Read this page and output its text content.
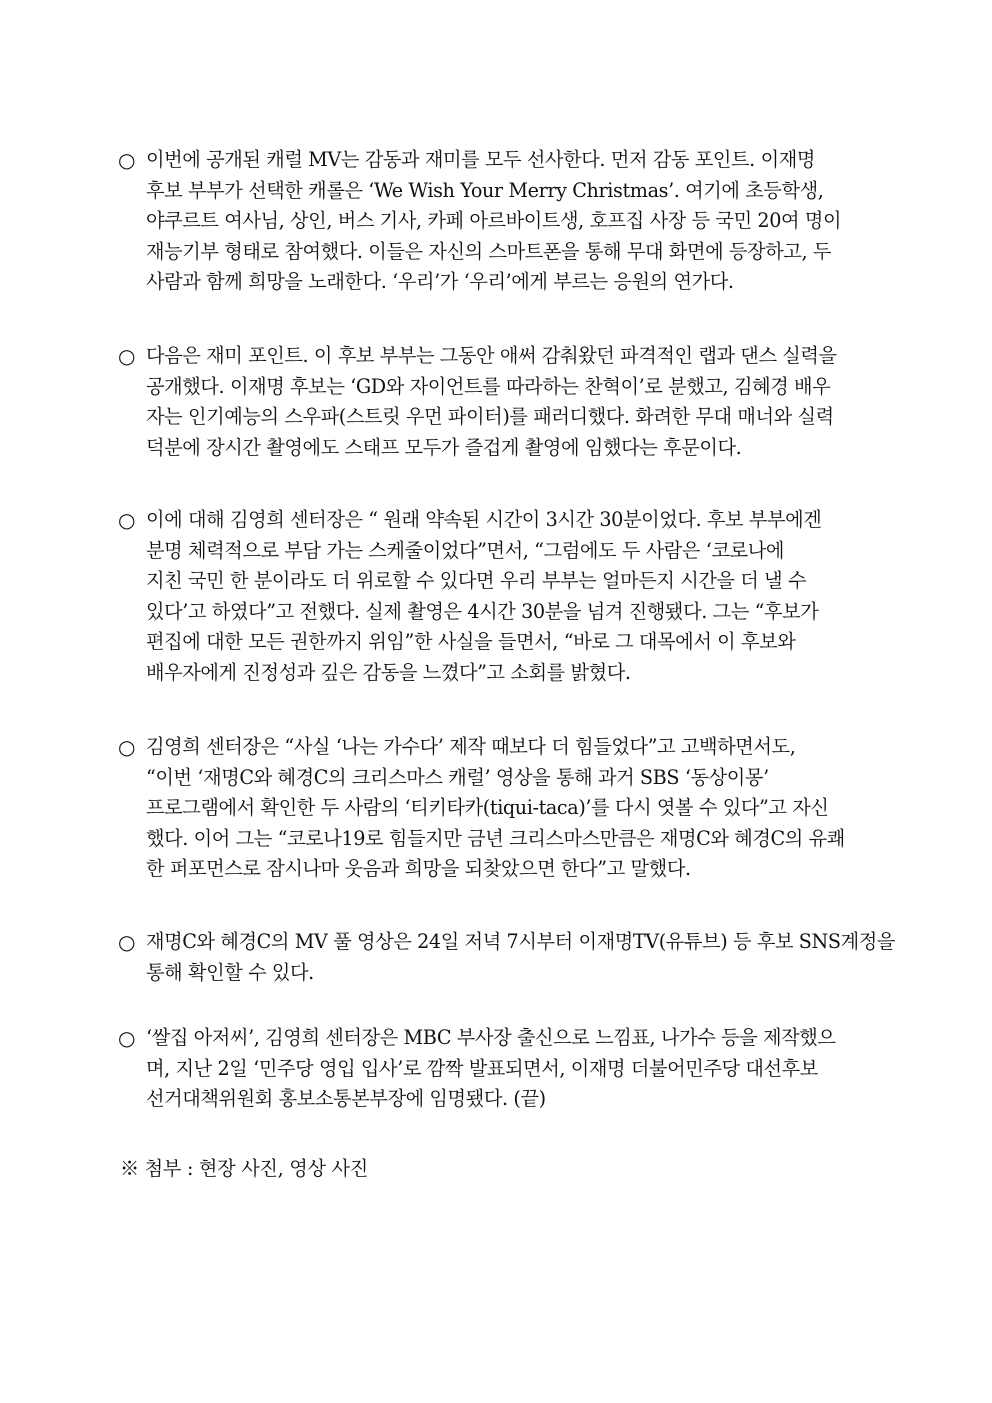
○ 이번에 공개된 캐럴 MV는 감동과 재미를 모두 선사한다. 먼저 감동 포인트. 이재명
후보 부부가 선택한 캐롤은 ‘We Wish Your Merry Christmas’. 여기에 초등학생,
야쿠르트 여사님, 상인, 버스 기사, 카페 아르바이트생, 호프집 사장 등 국민 20여 명이
재능기부 형태로 참여했다. 이들은 자신의 스마트폰을 통해 무대 화면에 등장하고, 두
사람과 함께 희망을 노래한다. ‘우리’가 ‘우리’에게 부르는 응원의 연가다.
○ 다음은 재미 포인트. 이 후보 부부는 그동안 애써 감춰왔던 파격적인 랩과 댄스 실력을
공개했다. 이재명 후보는 ‘GD와 자이언트를 따라하는 찬혁이’로 분했고, 김혜경 배우
자는 인기예능의 스우파(스트릿 우먼 파이터)를 패러디했다. 화려한 무대 매너와 실력
덕분에 장시간 촬영에도 스태프 모두가 즐겁게 촬영에 임했다는 후문이다.
○ 이에 대해 김영희 센터장은 “ 원래 약속된 시간이 3시간 30분이었다. 후보 부부에겐
분명 체력적으로 부담 가는 스케줄이었다”면서, “그럼에도 두 사람은 ‘코로나에
지친 국민 한 분이라도 더 위로할 수 있다면 우리 부부는 얼마든지 시간을 더 낼 수
있다’고 하였다”고 전했다. 실제 촬영은 4시간 30분을 넘겨 진행됐다. 그는 “후보가
편집에 대한 모든 권한까지 위임”한 사실을 들면서, “바로 그 대목에서 이 후보와
배우자에게 진정성과 깊은 감동을 느꼈다”고 소회를 밝혔다.
○ 김영희 센터장은 “사실 ‘나는 가수다’ 제작 때보다 더 힘들었다”고 고백하면서도,
“이번 ‘재명C와 혜경C의 크리스마스 캐럴’ 영상을 통해 과거 SBS ‘동상이몽’
프로그램에서 확인한 두 사람의 ‘티키타카(tiqui-taca)’를 다시 엿볼 수 있다”고 자신
했다. 이어 그는 “코로나19로 힘들지만 금년 크리스마스만큼은 재명C와 혜경C의 유쾌
한 퍼포먼스로 잠시나마 웃음과 희망을 되찾았으면 한다”고 말했다.
○ 재명C와 혜경C의 MV 풀 영상은 24일 저녁 7시부터 이재명TV(유튜브) 등 후보 SNS계정을
통해 확인할 수 있다.
○ ‘쌀집 아저씨’, 김영희 센터장은 MBC 부사장 출신으로 느낌표, 나가수 등을 제작했으
며, 지난 2일 ‘민주당 영입 입사’로 깜짝 발표되면서, 이재명 더불어민주당 대선후보
선거대책위원회 홍보소통본부장에 임명됐다. (끝)
※ 첨부 : 현장 사진, 영상 사진
